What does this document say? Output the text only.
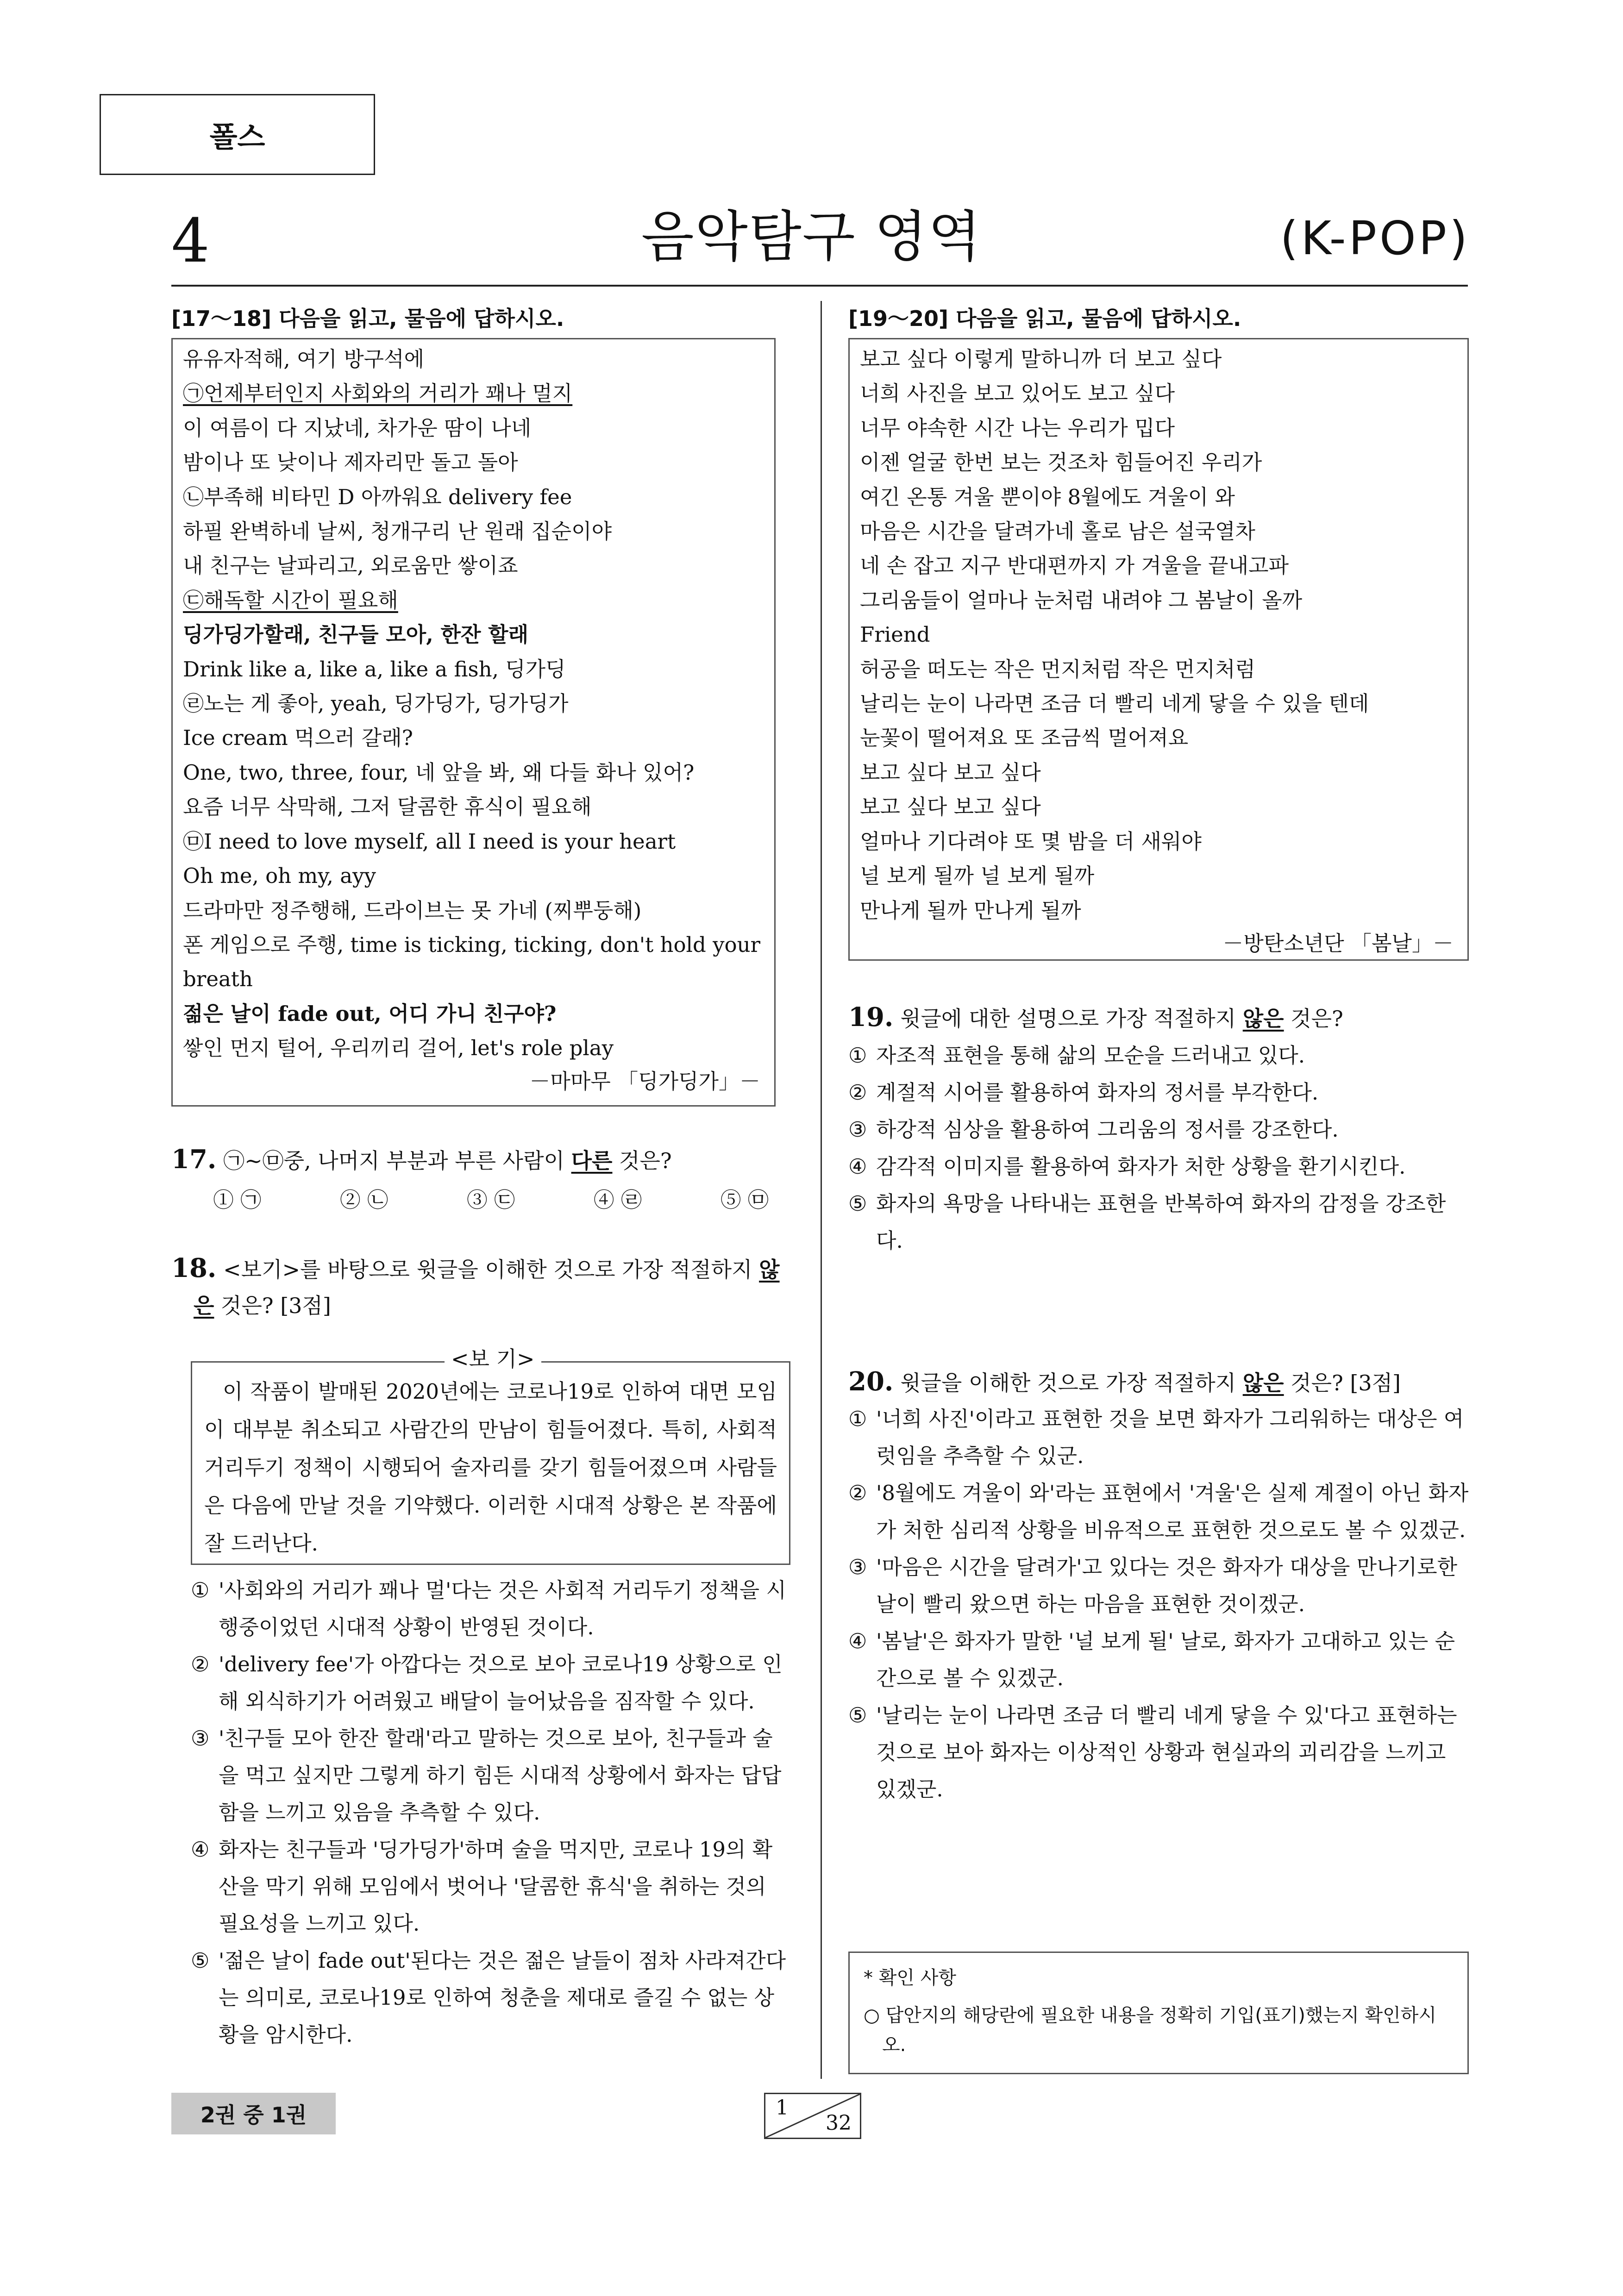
폴스
4	음악탐구 영역	(K-POP)
[17～18] 다음을 읽고, 물음에 답하시오.
유유자적해, 여기 방구석에
㉠언제부터인지 사회와의 거리가 꽤나 멀지
이 여름이 다 지났네, 차가운 땀이 나네
밤이나 또 낮이나 제자리만 돌고 돌아
㉡부족해 비타민 D 아까워요 delivery fee
하필 완벽하네 날씨, 청개구리 난 원래 집순이야
내 친구는 날파리고, 외로움만 쌓이죠
㉢해독할 시간이 필요해
딩가딩가할래, 친구들 모아, 한잔 할래
Drink like a, like a, like a fish, 딩가딩
㉣노는 게 좋아, yeah, 딩가딩가, 딩가딩가
Ice cream 먹으러 갈래?
One, two, three, four, 네 앞을 봐, 왜 다들 화나 있어?
요즘 너무 삭막해, 그저 달콤한 휴식이 필요해
㉤I need to love myself, all I need is your heart
Oh me, oh my, ayy
드라마만 정주행해, 드라이브는 못 가네 (찌뿌둥해)
폰 게임으로 주행, time is ticking, ticking, don't hold your breath
젊은 날이 fade out, 어디 가니 친구야?
쌓인 먼지 털어, 우리끼리 걸어, let's role play
－마마무 「딩가딩가」－
17. ㉠~㉤중, 나머지 부분과 부른 사람이 다른 것은?
① ㉠	② ㉡	③ ㉢	④ ㉣	⑤ ㉤
18. <보기>를 바탕으로 윗글을 이해한 것으로 가장 적절하지 않은 것은? [3점]
이 작품이 발매된 2020년에는 코로나19로 인하여 대면 모임이 대부분 취소되고 사람간의 만남이 힘들어졌다. 특히, 사회적 거리두기 정책이 시행되어 술자리를 갖기 힘들어졌으며 사람들은 다음에 만날 것을 기약했다. 이러한 시대적 상황은 본 작품에 잘 드러난다.
<보 기>
① '사회와의 거리가 꽤나 멀'다는 것은 사회적 거리두기 정책을 시행중이었던 시대적 상황이 반영된 것이다.
② 'delivery fee'가 아깝다는 것으로 보아 코로나19 상황으로 인해 외식하기가 어려웠고 배달이 늘어났음을 짐작할 수 있다.
③ '친구들 모아 한잔 할래'라고 말하는 것으로 보아, 친구들과 술을 먹고 싶지만 그렇게 하기 힘든 시대적 상황에서 화자는 답답함을 느끼고 있음을 추측할 수 있다.
④ 화자는 친구들과 '딩가딩가'하며 술을 먹지만, 코로나 19의 확산을 막기 위해 모임에서 벗어나 '달콤한 휴식'을 취하는 것의 필요성을 느끼고 있다.
⑤ '젊은 날이 fade out'된다는 것은 젊은 날들이 점차 사라져간다는 의미로, 코로나19로 인하여 청춘을 제대로 즐길 수 없는 상황을 암시한다.
[19～20] 다음을 읽고, 물음에 답하시오.
보고 싶다 이렇게 말하니까 더 보고 싶다
너희 사진을 보고 있어도 보고 싶다
너무 야속한 시간 나는 우리가 밉다
이젠 얼굴 한번 보는 것조차 힘들어진 우리가
여긴 온통 겨울 뿐이야 8월에도 겨울이 와
마음은 시간을 달려가네 홀로 남은 설국열차
네 손 잡고 지구 반대편까지 가 겨울을 끝내고파
그리움들이 얼마나 눈처럼 내려야 그 봄날이 올까
Friend
허공을 떠도는 작은 먼지처럼 작은 먼지처럼
날리는 눈이 나라면 조금 더 빨리 네게 닿을 수 있을 텐데
눈꽃이 떨어져요 또 조금씩 멀어져요
보고 싶다 보고 싶다
보고 싶다 보고 싶다
얼마나 기다려야 또 몇 밤을 더 새워야
널 보게 될까 널 보게 될까
만나게 될까 만나게 될까
－방탄소년단 「봄날」－
19. 윗글에 대한 설명으로 가장 적절하지 않은 것은?
① 자조적 표현을 통해 삶의 모순을 드러내고 있다.
② 계절적 시어를 활용하여 화자의 정서를 부각한다.
③ 하강적 심상을 활용하여 그리움의 정서를 강조한다.
④ 감각적 이미지를 활용하여 화자가 처한 상황을 환기시킨다.
⑤ 화자의 욕망을 나타내는 표현을 반복하여 화자의 감정을 강조한다.
20. 윗글을 이해한 것으로 가장 적절하지 않은 것은? [3점]
① '너희 사진'이라고 표현한 것을 보면 화자가 그리워하는 대상은 여럿임을 추측할 수 있군.
② '8월에도 겨울이 와'라는 표현에서 '겨울'은 실제 계절이 아닌 화자가 처한 심리적 상황을 비유적으로 표현한 것으로도 볼 수 있겠군.
③ '마음은 시간을 달려가'고 있다는 것은 화자가 대상을 만나기로한 날이 빨리 왔으면 하는 마음을 표현한 것이겠군.
④ '봄날'은 화자가 말한 '널 보게 될' 날로, 화자가 고대하고 있는 순간으로 볼 수 있겠군.
⑤ '날리는 눈이 나라면 조금 더 빨리 네게 닿을 수 있'다고 표현하는 것으로 보아 화자는 이상적인 상황과 현실과의 괴리감을 느끼고 있겠군.
* 확인 사항
○ 답안지의 해당란에 필요한 내용을 정확히 기입(표기)했는지 확인하시오.
2권 중 1권	1
32
